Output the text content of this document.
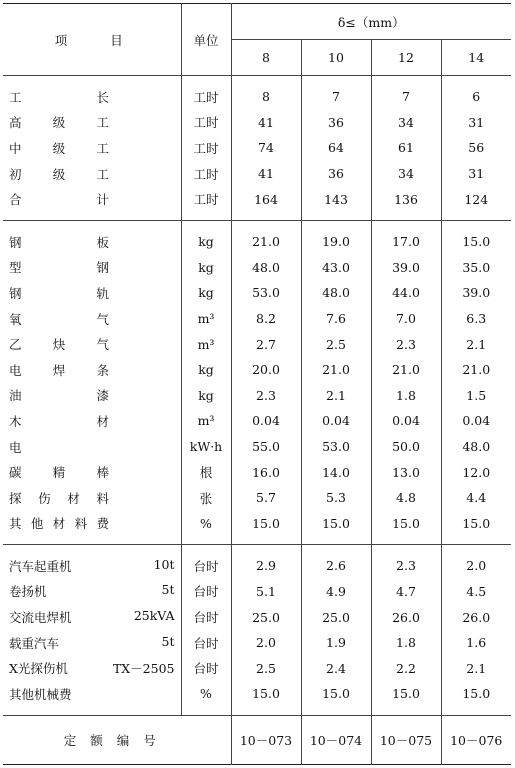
项　　目	单位	δ≤（mm）			
		8	10	12	14

工长	工时	8	7	7	6
高级工	工时	41	36	34	31
中级工	工时	74	64	61	56
初级工	工时	41	36	34	31
合计	工时	164	143	136	124

钢板	kg	21.0	19.0	17.0	15.0
型钢	kg	48.0	43.0	39.0	35.0
钢轨	kg	53.0	48.0	44.0	39.0
氧气	m³	8.2	7.6	7.0	6.3
乙炔气	m³	2.7	2.5	2.3	2.1
电焊条	kg	20.0	21.0	21.0	21.0
油漆	kg	2.3	2.1	1.8	1.5
木材	m³	0.04	0.04	0.04	0.04
电	kW·h	55.0	53.0	50.0	48.0
碳精棒	根	16.0	14.0	13.0	12.0
探伤材料	张	5.7	5.3	4.8	4.4
其他材料费	%	15.0	15.0	15.0	15.0

汽车起重机 10t	台时	2.9	2.6	2.3	2.0
卷扬机 5t	台时	5.1	4.9	4.7	4.5
交流电焊机 25kVA	台时	25.0	25.0	26.0	26.0
载重汽车 5t	台时	2.0	1.9	1.8	1.6
X光探伤机 TX－2505	台时	2.5	2.4	2.2	2.1
其他机械费	%	15.0	15.0	15.0	15.0

定额编号		10－073	10－074	10－075	10－076
